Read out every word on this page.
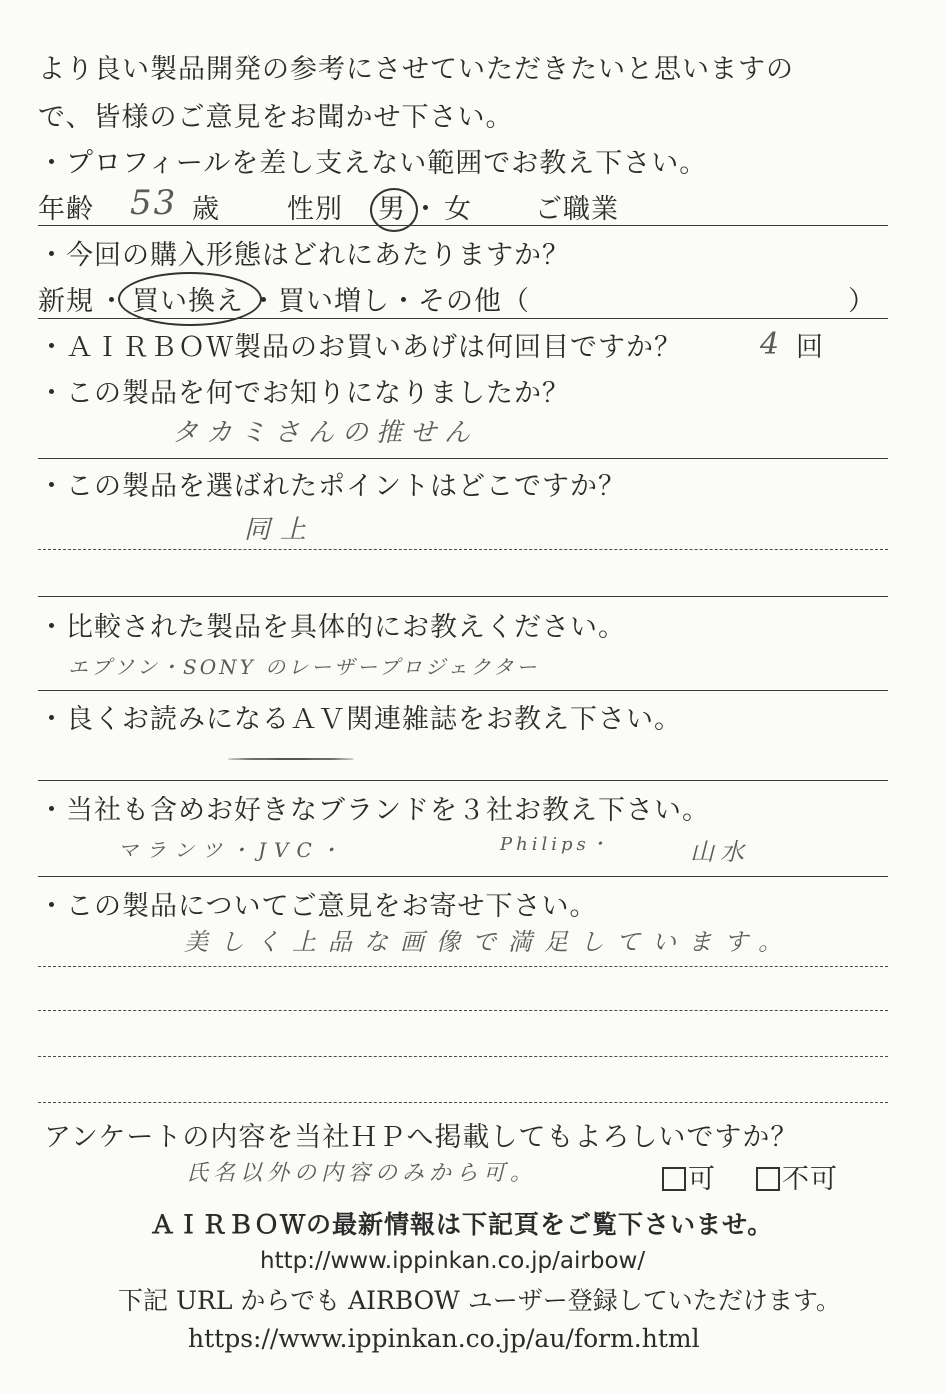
より良い製品開発の参考にさせていただきたいと思いますの
で、皆様のご意見をお聞かせ下さい。
・プロフィールを差し支えない範囲でお教え下さい。
年齢 53 歳 性別 男 ・ 女 ご職業
・今回の購入形態はどれにあたりますか？
新規 ・ 買い換え ・買い増し・その他（	）
・ＡＩＲＢＯＷ製品のお買いあげは何回目ですか？	4 回
・この製品を何でお知りになりましたか？
タカミさんの推せん
・この製品を選ばれたポイントはどこですか？
同上
・比較された製品を具体的にお教えください。
エプソン・SONY のレーザープロジェクター
・良くお読みになるＡＶ関連雑誌をお教え下さい。
・当社も含めお好きなブランドを３社お教え下さい。
マランツ・JVC・	Philips・	山水
・この製品についてご意見をお寄せ下さい。
美しく上品な画像で満足しています。
アンケートの内容を当社ＨＰへ掲載してもよろしいですか？
氏名以外の内容のみから可。	可	不可
ＡＩＲＢＯＷの最新情報は下記頁をご覧下さいませ。
http://www.ippinkan.co.jp/airbow/
下記 URL からでも AIRBOW ユーザー登録していただけます。
https://www.ippinkan.co.jp/au/form.html
